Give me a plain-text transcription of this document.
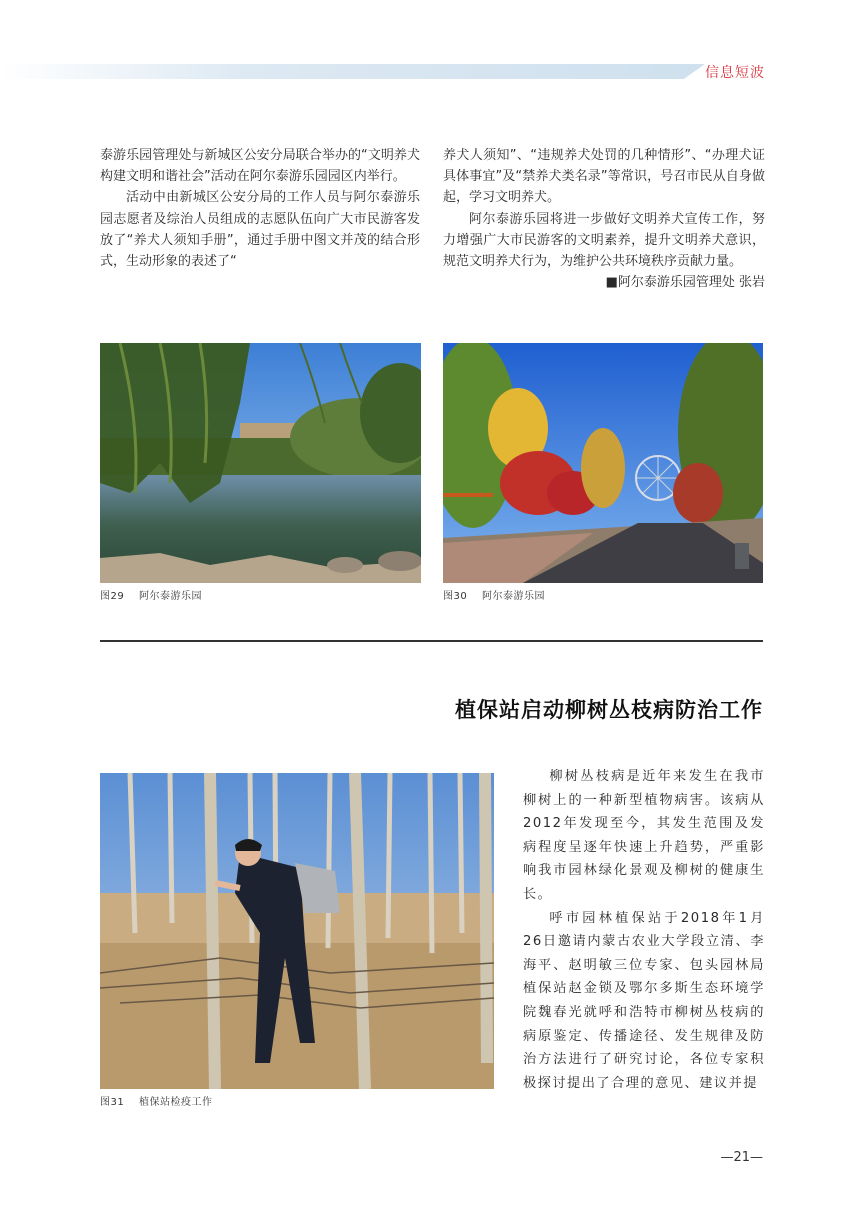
信息短波

泰游乐园管理处与新城区公安分局联合举办的“文明养犬　构建文明和谐社会”活动在阿尔泰游乐园园区内举行。

活动中由新城区公安分局的工作人员与阿尔泰游乐园志愿者及综治人员组成的志愿队伍向广大市民游客发放了“养犬人须知手册”，通过手册中图文并茂的结合形式，生动形象的表述了“

养犬人须知”、“违规养犬处罚的几种情形”、“办理犬证具体事宜”及“禁养犬类名录”等常识，号召市民从自身做起，学习文明养犬。

阿尔泰游乐园将进一步做好文明养犬宣传工作，努力增强广大市民游客的文明素养，提升文明养犬意识，规范文明养犬行为，为维护公共环境秩序贡献力量。

■阿尔泰游乐园管理处 张岩

图29 阿尔泰游乐园	图30 阿尔泰游乐园
植保站启动柳树丛枝病防治工作
图31 植保站检疫工作

柳树丛枝病是近年来发生在我市柳树上的一种新型植物病害。该病从2012年发现至今，其发生范围及发病程度呈逐年快速上升趋势，严重影响我市园林绿化景观及柳树的健康生长。

呼市园林植保站于2018年1月26日邀请内蒙古农业大学段立清、李海平、赵明敏三位专家、包头园林局植保站赵金锁及鄂尔多斯生态环境学院魏春光就呼和浩特市柳树丛枝病的病原鉴定、传播途径、发生规律及防治方法进行了研究讨论，各位专家积极探讨提出了合理的意见、建议并提

—21—
